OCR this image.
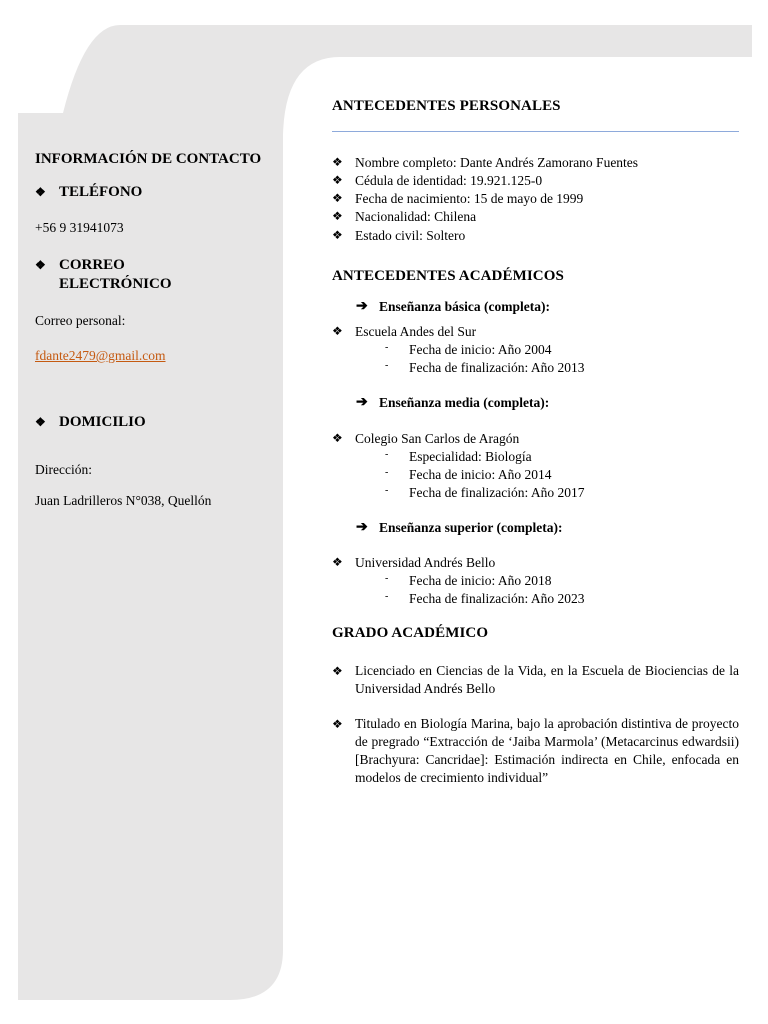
INFORMACIÓN DE CONTACTO
❖ TELÉFONO
+56 9 31941073
❖ CORREO
ELECTRÓNICO
Correo personal:
fdante2479@gmail.com
❖ DOMICILIO
Dirección:
Juan Ladrilleros N°038, Quellón
ANTECEDENTES PERSONALES
❖ Nombre completo: Dante Andrés Zamorano Fuentes
❖ Cédula de identidad: 19.921.125-0
❖ Fecha de nacimiento: 15 de mayo de 1999
❖ Nacionalidad: Chilena
❖ Estado civil: Soltero
ANTECEDENTES ACADÉMICOS
➔ Enseñanza básica (completa):
❖ Escuela Andes del Sur
- Fecha de inicio: Año 2004
- Fecha de finalización: Año 2013
➔ Enseñanza media (completa):
❖ Colegio San Carlos de Aragón
- Especialidad: Biología
- Fecha de inicio: Año 2014
- Fecha de finalización: Año 2017
➔ Enseñanza superior (completa):
❖ Universidad Andrés Bello
- Fecha de inicio: Año 2018
- Fecha de finalización: Año 2023
GRADO ACADÉMICO
❖ Licenciado en Ciencias de la Vida, en la Escuela de Biociencias de la Universidad Andrés Bello
❖ Titulado en Biología Marina, bajo la aprobación distintiva de proyecto de pregrado “Extracción de ‘Jaiba Marmola’ (Metacarcinus edwardsii) [Brachyura: Cancridae]: Estimación indirecta en Chile, enfocada en modelos de crecimiento individual”
